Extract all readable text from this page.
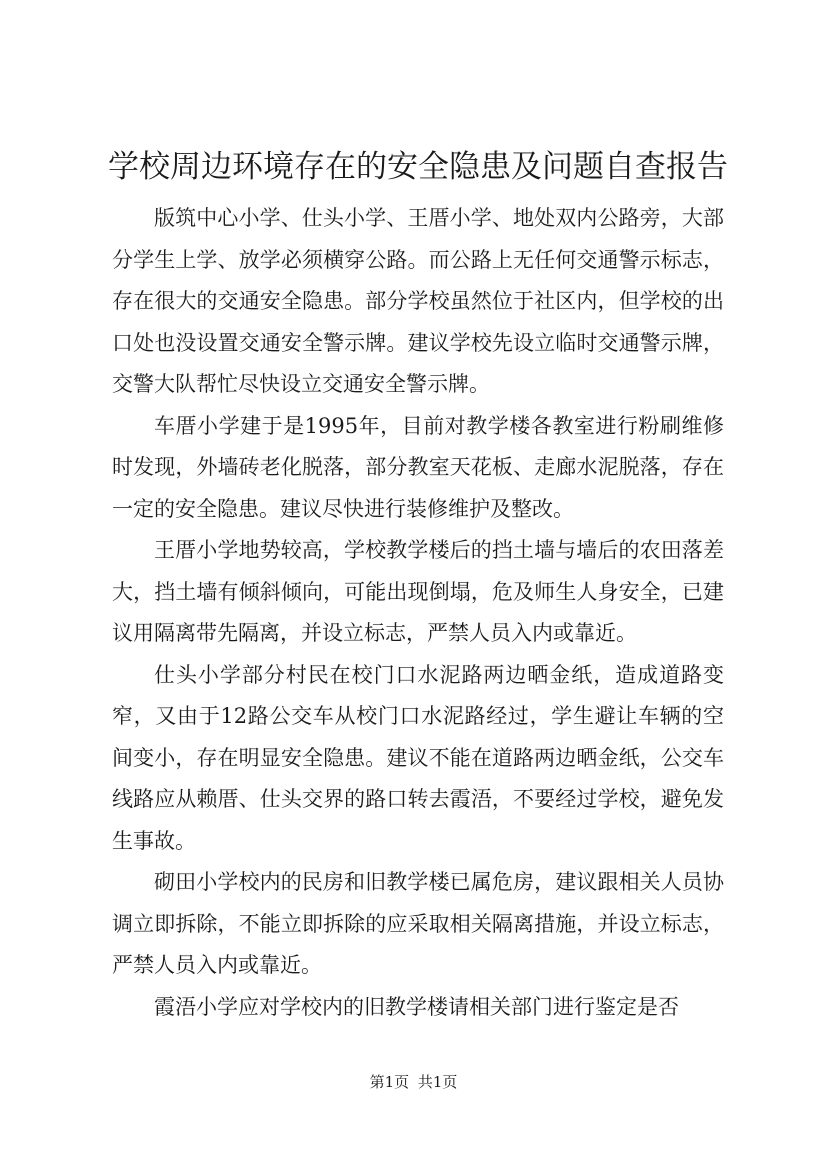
学校周边环境存在的安全隐患及问题自查报告

版筑中心小学、仕头小学、王厝小学、地处双内公路旁，大部分学生上学、放学必须横穿公路。而公路上无任何交通警示标志，存在很大的交通安全隐患。部分学校虽然位于社区内，但学校的出口处也没设置交通安全警示牌。建议学校先设立临时交通警示牌，交警大队帮忙尽快设立交通安全警示牌。

车厝小学建于是1995年，目前对教学楼各教室进行粉刷维修时发现，外墙砖老化脱落，部分教室天花板、走廊水泥脱落，存在一定的安全隐患。建议尽快进行装修维护及整改。

王厝小学地势较高，学校教学楼后的挡土墙与墙后的农田落差大，挡土墙有倾斜倾向，可能出现倒塌，危及师生人身安全，已建议用隔离带先隔离，并设立标志，严禁人员入内或靠近。

仕头小学部分村民在校门口水泥路两边晒金纸，造成道路变窄，又由于12路公交车从校门口水泥路经过，学生避让车辆的空间变小，存在明显安全隐患。建议不能在道路两边晒金纸，公交车线路应从赖厝、仕头交界的路口转去霞浯，不要经过学校，避免发生事故。

砌田小学校内的民房和旧教学楼已属危房，建议跟相关人员协调立即拆除，不能立即拆除的应采取相关隔离措施，并设立标志，严禁人员入内或靠近。

霞浯小学应对学校内的旧教学楼请相关部门进行鉴定是否

第1页 共1页
